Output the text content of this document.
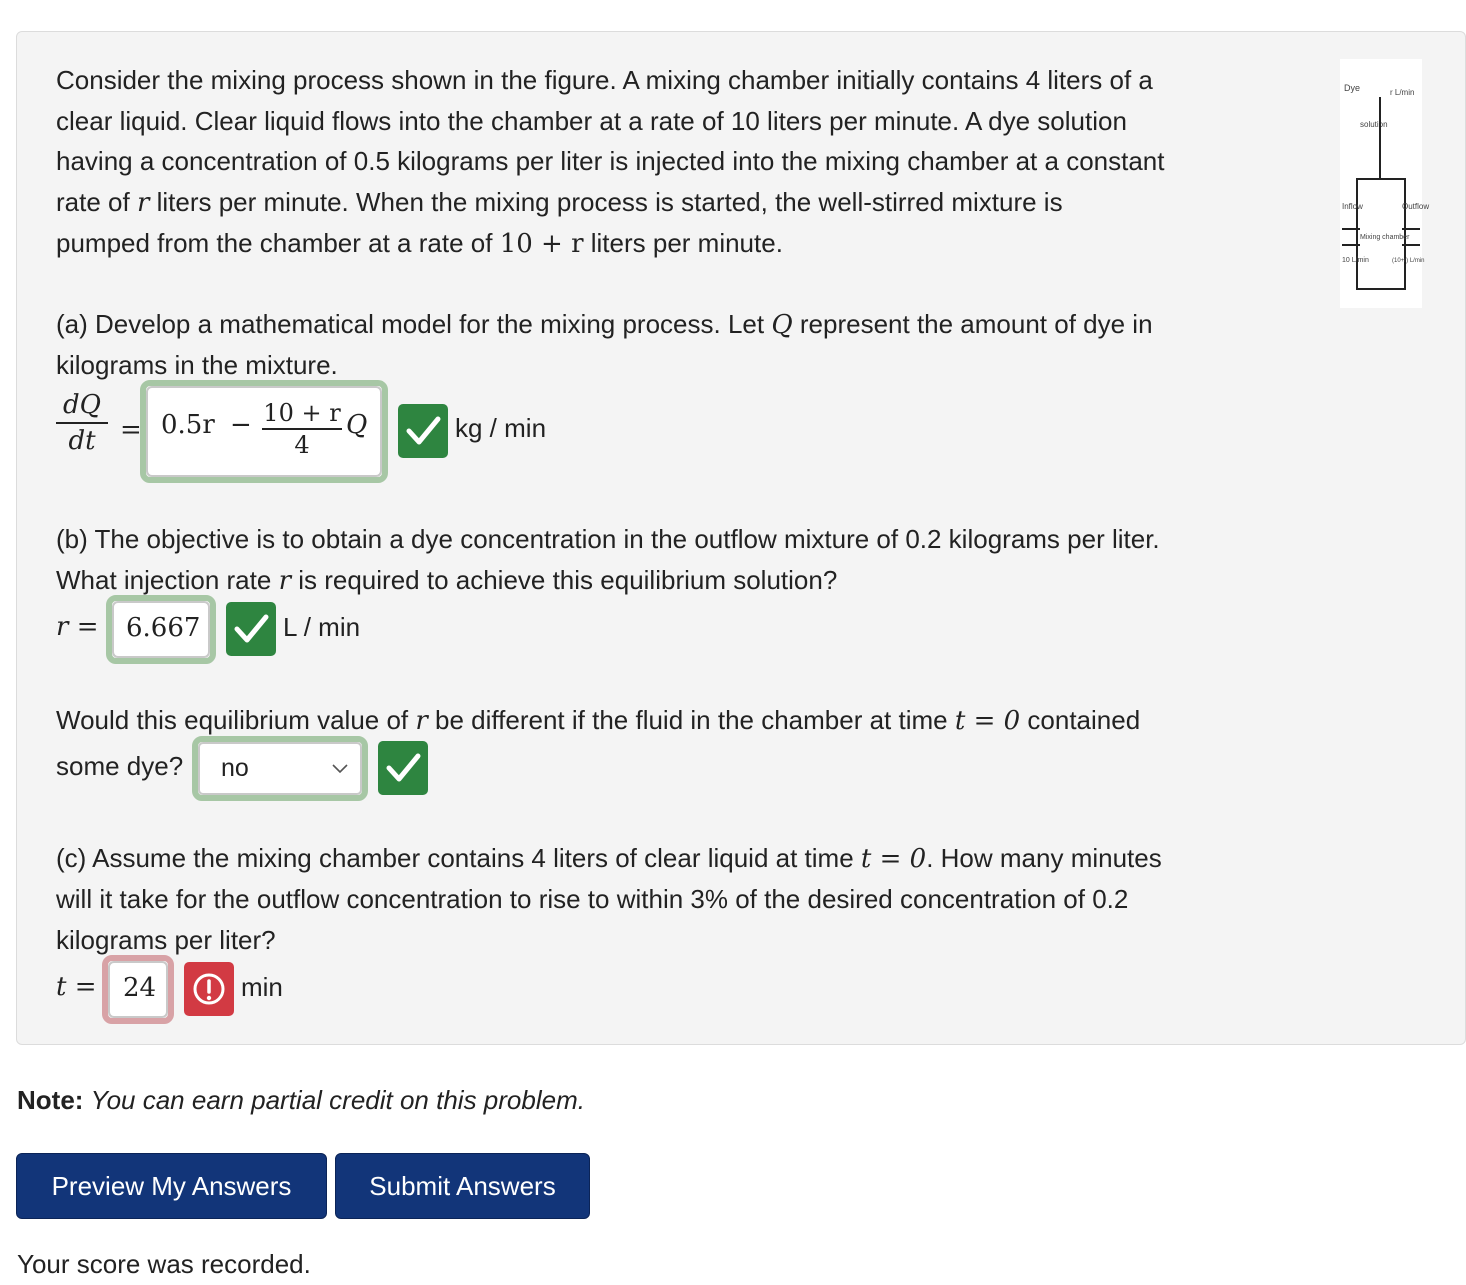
Consider the mixing process shown in the figure. A mixing chamber initially contains 4 liters of a
clear liquid. Clear liquid flows into the chamber at a rate of 10 liters per minute. A dye solution
having a concentration of 0.5 kilograms per liter is injected into the mixing chamber at a constant
rate of r liters per minute. When the mixing process is started, the well-stirred mixture is
pumped from the chamber at a rate of 10 + r liters per minute.
Dye	r L/min
solution
Inflow	Outflow
Mixing chamber
10 L/min	(10+r) L/min
(a) Develop a mathematical model for the mixing process. Let Q represent the amount of dye in
kilograms in the mixture.
dQ
dt = 0.5r − 10 + r
4
Q	kg / min
(b) The objective is to obtain a dye concentration in the outflow mixture of 0.2 kilograms per liter.
What injection rate r is required to achieve this equilibrium solution?
r = 6.667	L / min
Would this equilibrium value of r be different if the fluid in the chamber at time t = 0 contained
some dye? no
(c) Assume the mixing chamber contains 4 liters of clear liquid at time t = 0. How many minutes
will it take for the outflow concentration to rise to within 3% of the desired concentration of 0.2
kilograms per liter?
t = 24	min
Note: You can earn partial credit on this problem.
Preview My Answers	Submit Answers
Your score was recorded.
